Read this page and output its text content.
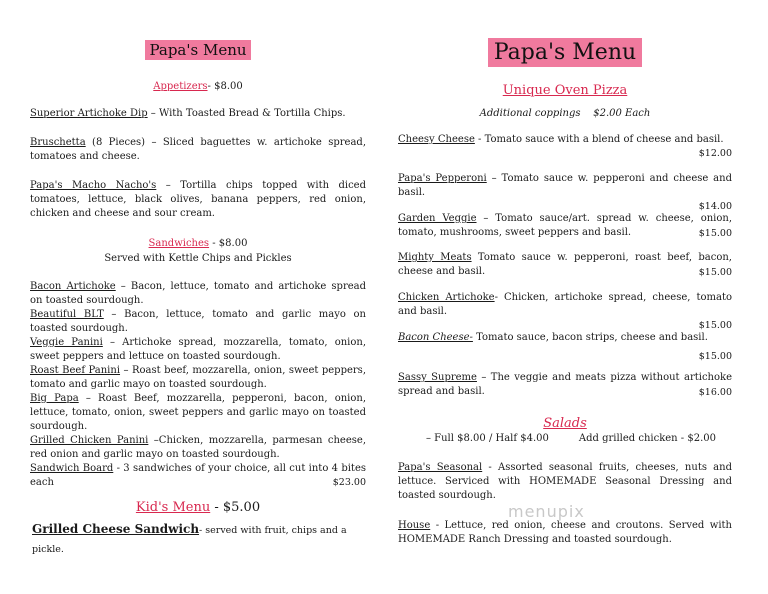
Papa's Menu
Appetizers- $8.00
Superior Artichoke Dip – With Toasted Bread & Tortilla Chips.
Bruschetta (8 Pieces) – Sliced baguettes w. artichoke spread, tomatoes and cheese.
Papa's Macho Nacho's – Tortilla chips topped with diced tomatoes, lettuce, black olives, banana peppers, red onion, chicken and cheese and sour cream.
Sandwiches - $8.00
Served with Kettle Chips and Pickles
Bacon Artichoke – Bacon, lettuce, tomato and artichoke spread on toasted sourdough.
Beautiful BLT – Bacon, lettuce, tomato and garlic mayo on toasted sourdough.
Veggie Panini – Artichoke spread, mozzarella, tomato, onion, sweet peppers and lettuce on toasted sourdough.
Roast Beef Panini – Roast beef, mozzarella, onion, sweet peppers, tomato and garlic mayo on toasted sourdough.
Big Papa – Roast Beef, mozzarella, pepperoni, bacon, onion, lettuce, tomato, onion, sweet peppers and garlic mayo on toasted sourdough.
Grilled Chicken Panini –Chicken, mozzarella, parmesan cheese, red onion and garlic mayo on toasted sourdough.
Sandwich Board - 3 sandwiches of your choice, all cut into 4 bites each	$23.00
Kid's Menu - $5.00
Grilled Cheese Sandwich- served with fruit, chips and a pickle.
Papa's Menu
Unique Oven Pizza
Additional coppings $2.00 Each
Cheesy Cheese - Tomato sauce with a blend of cheese and basil.
$12.00
Papa's Pepperoni – Tomato sauce w. pepperoni and cheese and basil.
$14.00
Garden Veggie – Tomato sauce/art. spread w. cheese, onion, tomato, mushrooms, sweet peppers and basil.	$15.00
Mighty Meats Tomato sauce w. pepperoni, roast beef, bacon, cheese and basil.	$15.00
Chicken Artichoke- Chicken, artichoke spread, cheese, tomato and basil.
$15.00
Bacon Cheese- Tomato sauce, bacon strips, cheese and basil.
$15.00
Sassy Supreme – The veggie and meats pizza without artichoke spread and basil.	$16.00
Salads
– Full $8.00 / Half $4.00	Add grilled chicken - $2.00
Papa's Seasonal - Assorted seasonal fruits, cheeses, nuts and lettuce. Serviced with HOMEMADE Seasonal Dressing and toasted sourdough.
House - Lettuce, red onion, cheese and croutons. Served with HOMEMADE Ranch Dressing and toasted sourdough.
menupix
